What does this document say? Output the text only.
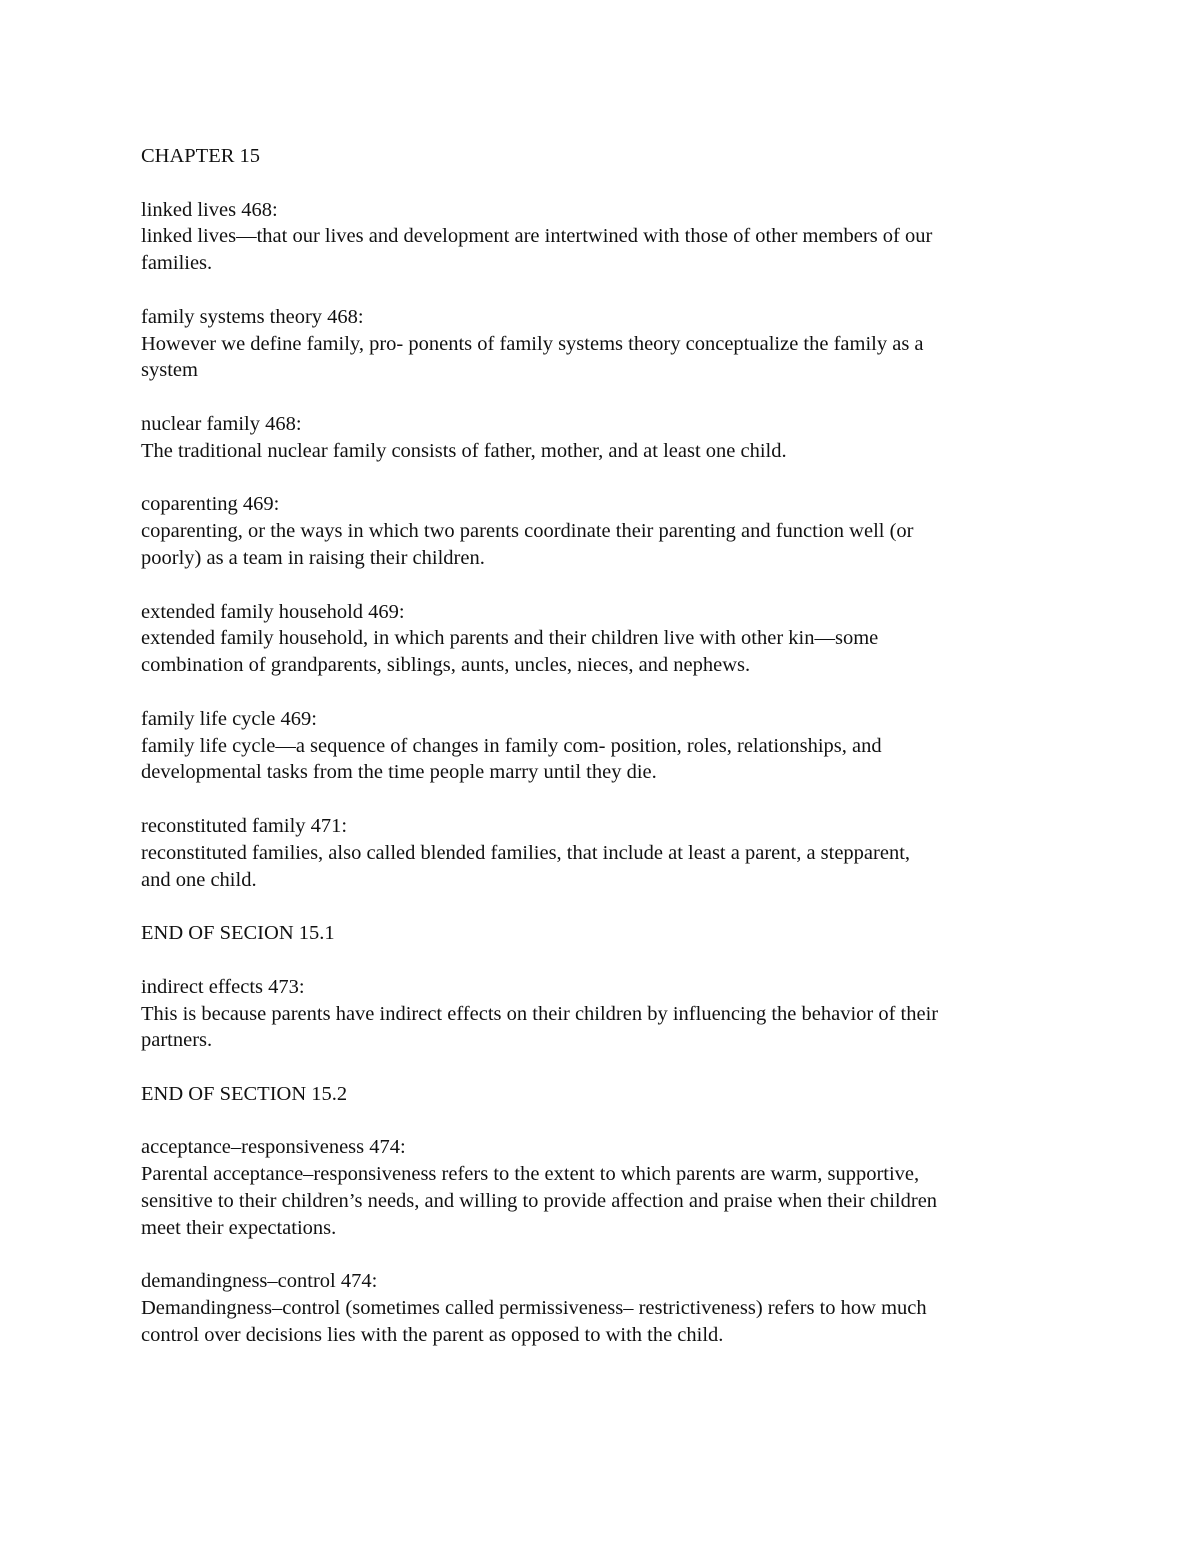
CHAPTER 15

linked lives 468:

linked lives—that our lives and development are intertwined with those of other members of our

families.

family systems theory 468:

However we define family, pro- ponents of family systems theory conceptualize the family as a

system

nuclear family 468:

The traditional nuclear family consists of father, mother, and at least one child.

coparenting 469:

coparenting, or the ways in which two parents coordinate their parenting and function well (or

poorly) as a team in raising their children.

extended family household 469:

extended family household, in which parents and their children live with other kin—some

combination of grandparents, siblings, aunts, uncles, nieces, and nephews.

family life cycle 469:

family life cycle—a sequence of changes in family com- position, roles, relationships, and

developmental tasks from the time people marry until they die.

reconstituted family 471:

reconstituted families, also called blended families, that include at least a parent, a stepparent,

and one child.

END OF SECION 15.1

indirect effects 473:

This is because parents have indirect effects on their children by influencing the behavior of their

partners.

END OF SECTION 15.2

acceptance–responsiveness 474:

Parental acceptance–responsiveness refers to the extent to which parents are warm, supportive,

sensitive to their children’s needs, and willing to provide affection and praise when their children

meet their expectations.

demandingness–control 474:

Demandingness–control (sometimes called permissiveness– restrictiveness) refers to how much

control over decisions lies with the parent as opposed to with the child.
